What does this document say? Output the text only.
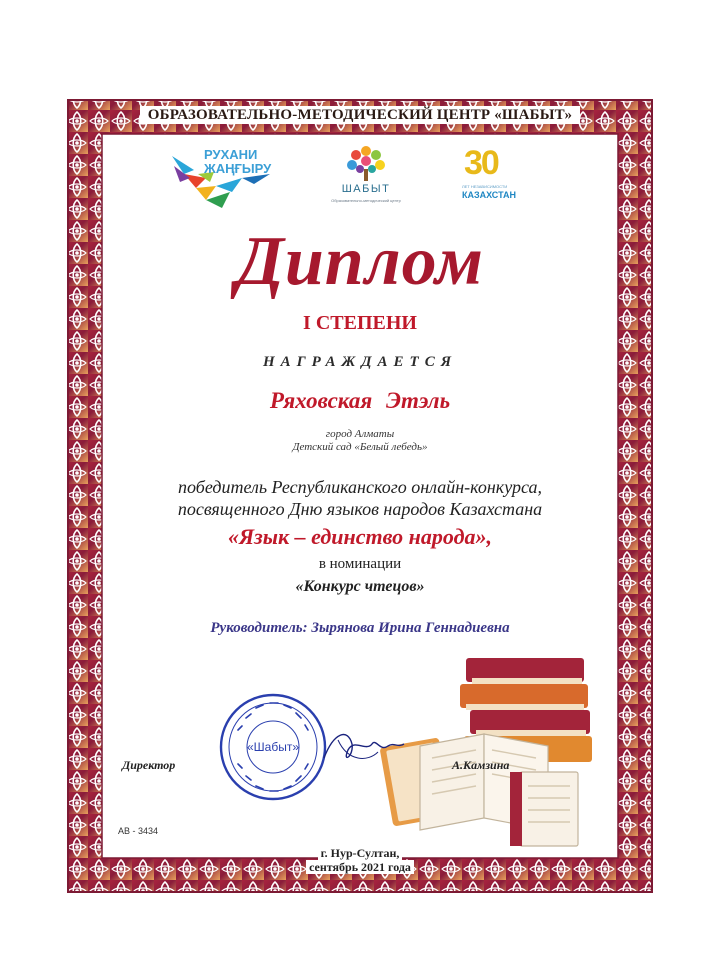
ОБРАЗОВАТЕЛЬНО-МЕТОДИЧЕСКИЙ ЦЕНТР «ШАБЫТ»
РУХАНИ
ЖАҢҒЫРУ
ШАБЫТ
Образовательно-методический центр
30
ЛЕТ НЕЗАВИСИМОСТИ
КАЗАХСТАН
Диплом
I СТЕПЕНИ
НАГРАЖДАЕТСЯ
Ряховская Этэль
город Алматы
Детский сад «Белый лебедь»
победитель Республиканского онлайн-конкурса,
посвященного Дню языков народов Казахстана
«Язык – единство народа»,
в номинации
«Конкурс чтецов»
Руководитель: Зырянова Ирина Геннадиевна
«Шабыт»
Директор	А.Камзина
АВ - 3434
г. Нур-Султан,
сентябрь 2021 года
